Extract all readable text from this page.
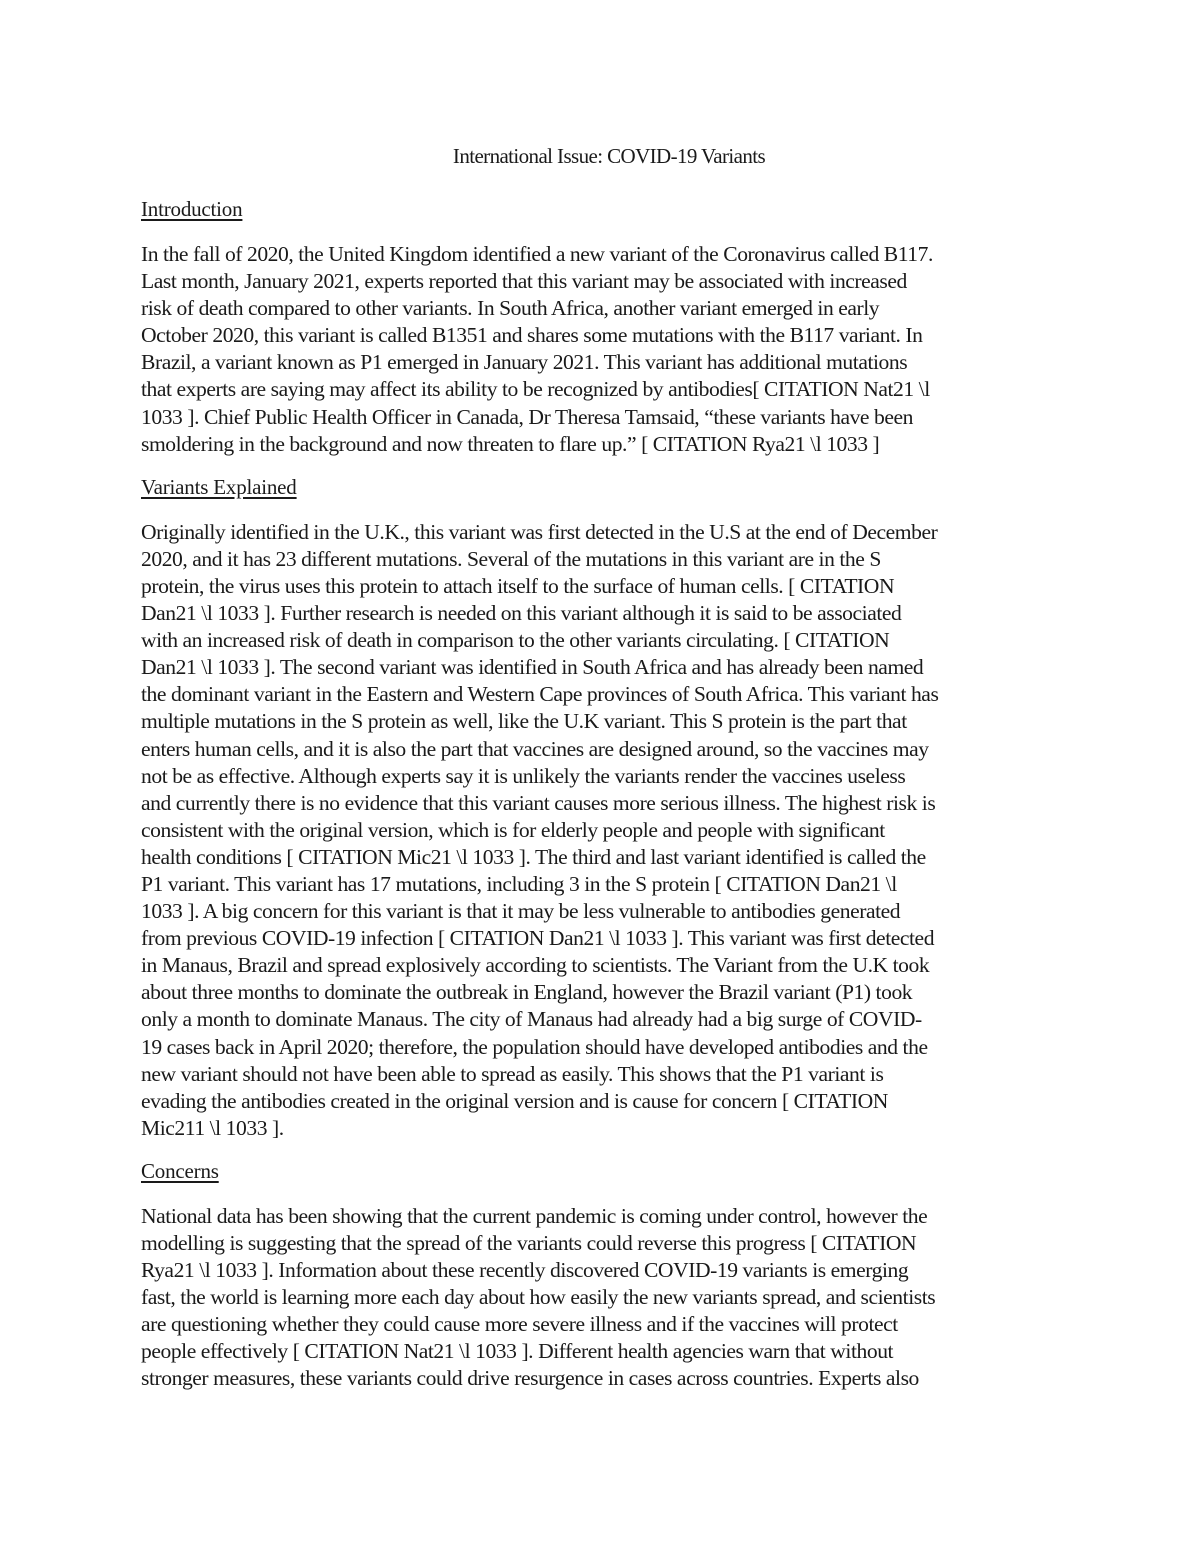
International Issue: COVID-19 Variants
Introduction
In the fall of 2020, the United Kingdom identified a new variant of the Coronavirus called B117.
Last month, January 2021, experts reported that this variant may be associated with increased
risk of death compared to other variants. In South Africa, another variant emerged in early
October 2020, this variant is called B1351 and shares some mutations with the B117 variant. In
Brazil, a variant known as P1 emerged in January 2021. This variant has additional mutations
that experts are saying may affect its ability to be recognized by antibodies[ CITATION Nat21 \l
1033 ]. Chief Public Health Officer in Canada, Dr Theresa Tamsaid, “these variants have been
smoldering in the background and now threaten to flare up.” [ CITATION Rya21 \l 1033 ]
Variants Explained
Originally identified in the U.K., this variant was first detected in the U.S at the end of December
2020, and it has 23 different mutations. Several of the mutations in this variant are in the S
protein, the virus uses this protein to attach itself to the surface of human cells. [ CITATION
Dan21 \l 1033 ]. Further research is needed on this variant although it is said to be associated
with an increased risk of death in comparison to the other variants circulating. [ CITATION
Dan21 \l 1033 ]. The second variant was identified in South Africa and has already been named
the dominant variant in the Eastern and Western Cape provinces of South Africa. This variant has
multiple mutations in the S protein as well, like the U.K variant. This S protein is the part that
enters human cells, and it is also the part that vaccines are designed around, so the vaccines may
not be as effective. Although experts say it is unlikely the variants render the vaccines useless
and currently there is no evidence that this variant causes more serious illness. The highest risk is
consistent with the original version, which is for elderly people and people with significant
health conditions [ CITATION Mic21 \l 1033 ]. The third and last variant identified is called the
P1 variant. This variant has 17 mutations, including 3 in the S protein [ CITATION Dan21 \l
1033 ]. A big concern for this variant is that it may be less vulnerable to antibodies generated
from previous COVID-19 infection [ CITATION Dan21 \l 1033 ]. This variant was first detected
in Manaus, Brazil and spread explosively according to scientists. The Variant from the U.K took
about three months to dominate the outbreak in England, however the Brazil variant (P1) took
only a month to dominate Manaus. The city of Manaus had already had a big surge of COVID-
19 cases back in April 2020; therefore, the population should have developed antibodies and the
new variant should not have been able to spread as easily. This shows that the P1 variant is
evading the antibodies created in the original version and is cause for concern [ CITATION
Mic211 \l 1033 ].
Concerns
National data has been showing that the current pandemic is coming under control, however the
modelling is suggesting that the spread of the variants could reverse this progress [ CITATION
Rya21 \l 1033 ]. Information about these recently discovered COVID-19 variants is emerging
fast, the world is learning more each day about how easily the new variants spread, and scientists
are questioning whether they could cause more severe illness and if the vaccines will protect
people effectively [ CITATION Nat21 \l 1033 ]. Different health agencies warn that without
stronger measures, these variants could drive resurgence in cases across countries. Experts also
